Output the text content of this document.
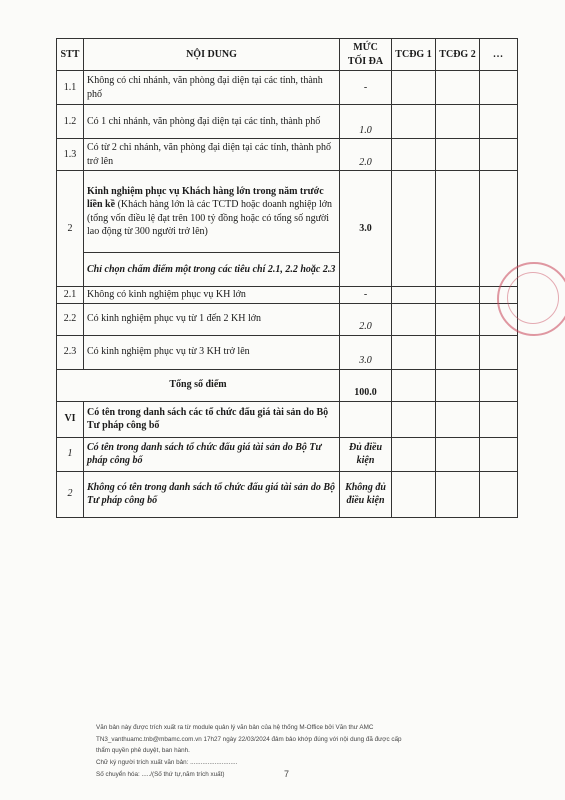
STT	NỘI DUNG	MỨC TỐI ĐA	TCĐG 1	TCĐG 2	...
1.1	Không có chi nhánh, văn phòng đại diện tại các tỉnh, thành phố	-			
1.2	Có 1 chi nhánh, văn phòng đại diện tại các tỉnh, thành phố	1.0			
1.3	Có từ 2 chi nhánh, văn phòng đại diện tại các tỉnh, thành phố trở lên	2.0			
2	Kinh nghiệm phục vụ Khách hàng lớn trong năm trước liền kề (Khách hàng lớn là các TCTD hoặc doanh nghiệp lớn (tổng vốn điều lệ đạt trên 100 tỷ đồng hoặc có tổng số người lao động từ 300 người trở lên)	3.0			
	Chỉ chọn chấm điểm một trong các tiêu chí 2.1, 2.2 hoặc 2.3				
2.1	Không có kinh nghiệm phục vụ KH lớn	-			
2.2	Có kinh nghiệm phục vụ từ 1 đến 2 KH lớn	2.0			
2.3	Có kinh nghiệm phục vụ từ 3 KH trở lên	3.0			
Tổng số điểm		100.0			
VI	Có tên trong danh sách các tổ chức đấu giá tài sản do Bộ Tư pháp công bố				
1	Có tên trong danh sách tổ chức đấu giá tài sản do Bộ Tư pháp công bố	Đủ điều kiện			
2	Không có tên trong danh sách tổ chức đấu giá tài sản do Bộ Tư pháp công bố	Không đủ điều kiện			
Văn bản này được trích xuất ra từ module quản lý văn bản của hệ thống M-Office bởi Văn thư AMC
TN3_vanthuamc.tnb@mbamc.com.vn 17h27 ngày 22/03/2024 đảm bảo khớp đúng với nội dung đã được cấp
thẩm quyền phê duyệt, ban hành.
Chữ ký người trích xuất văn bản: ...........................
Số chuyển hóa: ...../(Số thứ tự,năm trích xuất)	7
